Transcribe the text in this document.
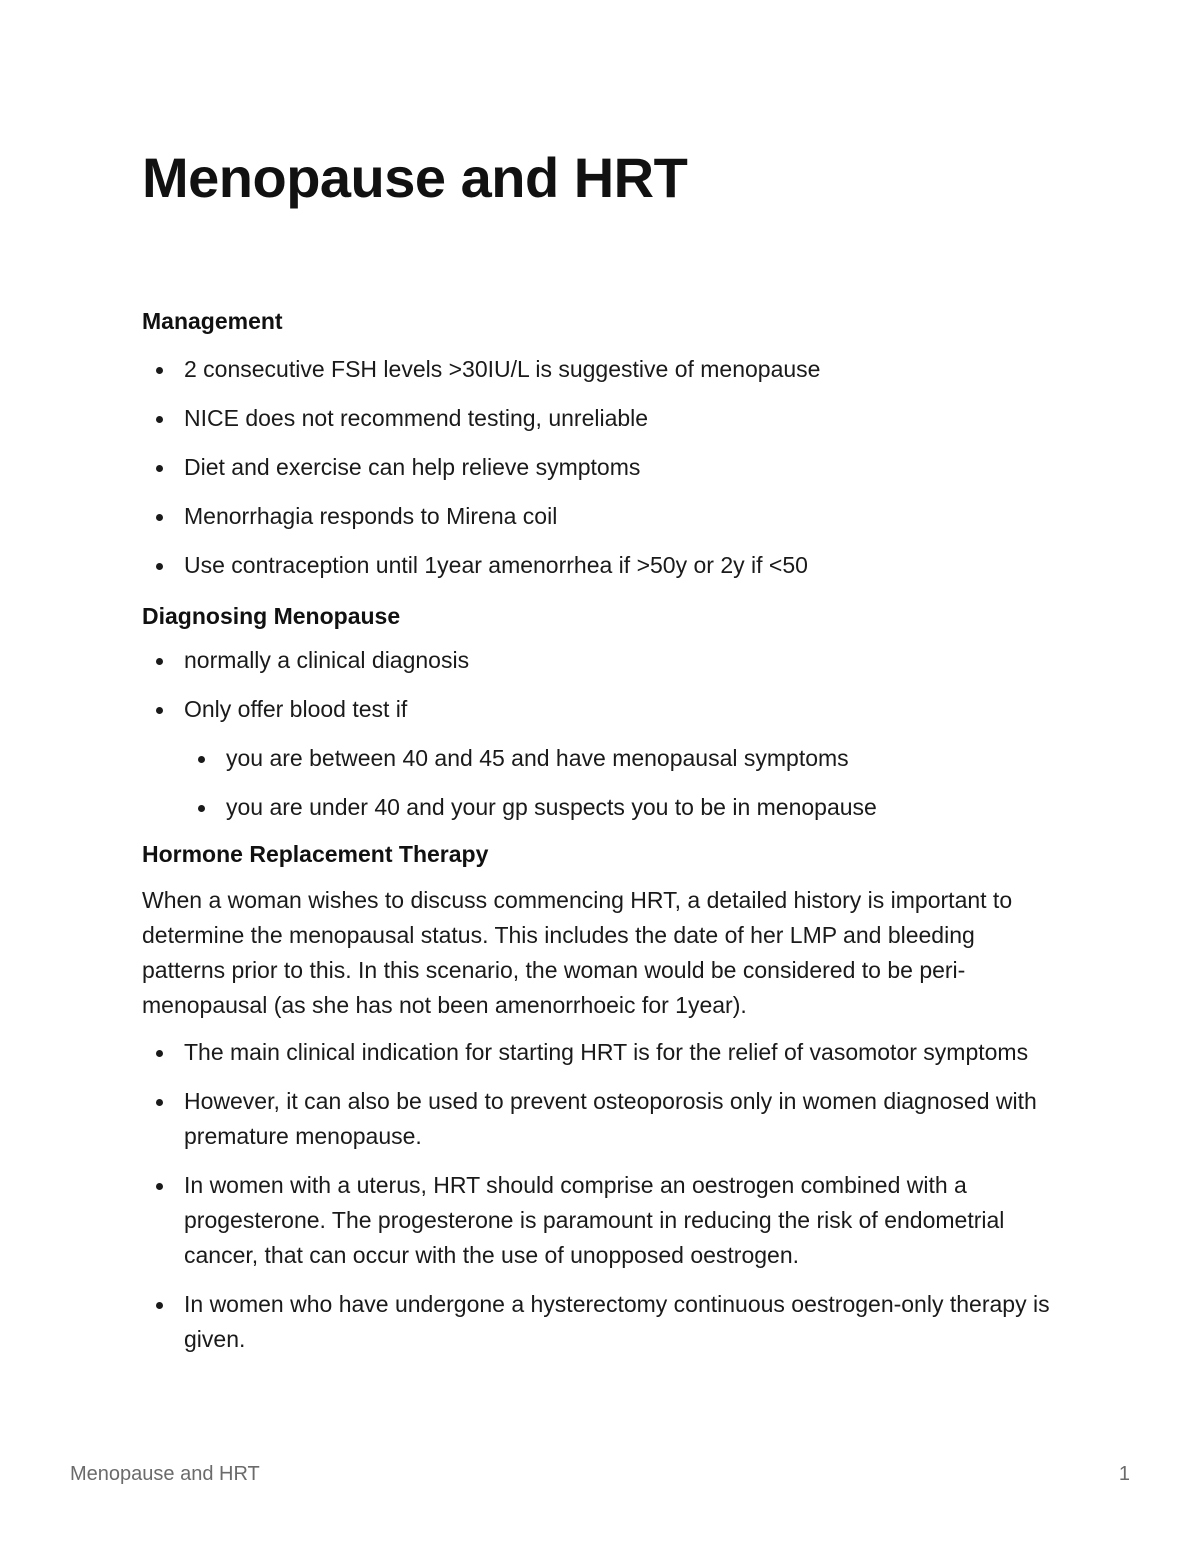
Menopause and HRT
Management
2 consecutive FSH levels >30IU/L is suggestive of menopause
NICE does not recommend testing, unreliable
Diet and exercise can help relieve symptoms
Menorrhagia responds to Mirena coil
Use contraception until 1year amenorrhea if >50y or 2y if <50
Diagnosing Menopause
normally a clinical diagnosis
Only offer blood test if
you are between 40 and 45 and have menopausal symptoms
you are under 40 and your gp suspects you to be in menopause
Hormone Replacement Therapy

When a woman wishes to discuss commencing HRT, a detailed history is important to determine the menopausal status. This includes the date of her LMP and bleeding patterns prior to this. In this scenario, the woman would be considered to be peri-menopausal (as she has not been amenorrhoeic for 1year).

The main clinical indication for starting HRT is for the relief of vasomotor symptoms
However, it can also be used to prevent osteoporosis only in women diagnosed with premature menopause.
In women with a uterus, HRT should comprise an oestrogen combined with a progesterone. The progesterone is paramount in reducing the risk of endometrial cancer, that can occur with the use of unopposed oestrogen.
In women who have undergone a hysterectomy continuous oestrogen-only therapy is given.
Menopause and HRT	1
